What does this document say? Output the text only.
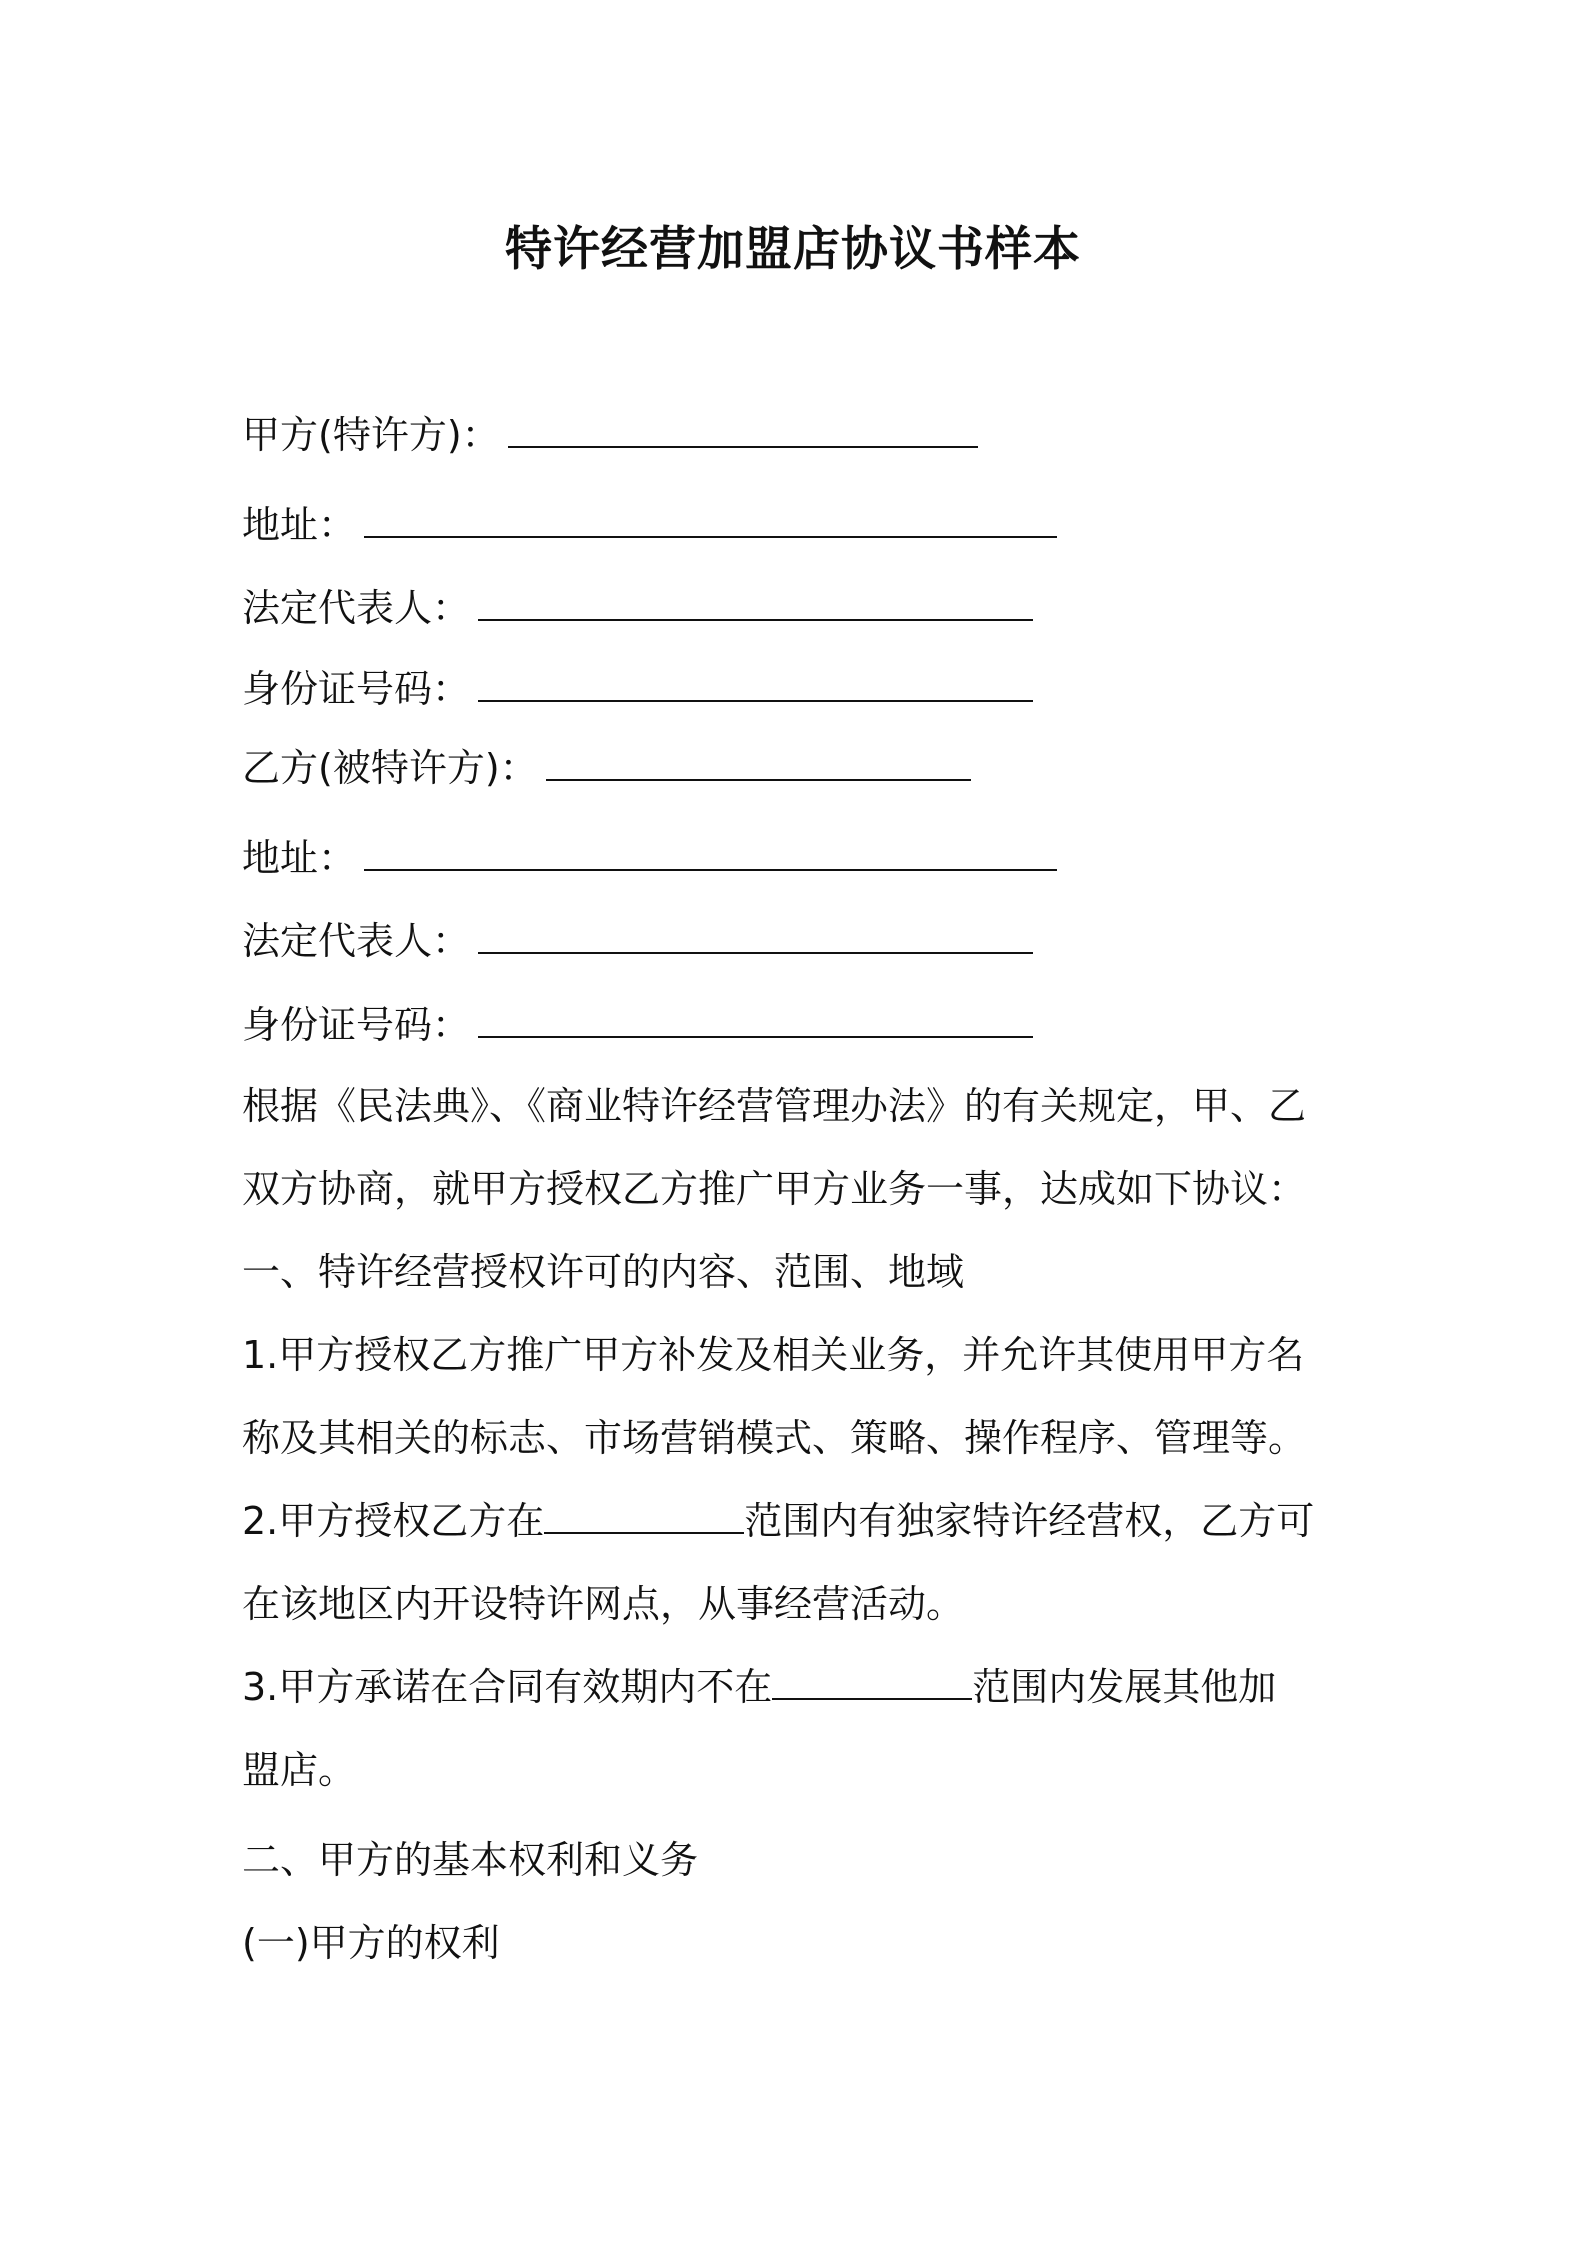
特许经营加盟店协议书样本
甲方(特许方)：
地址：
法定代表人：
身份证号码：
乙方(被特许方)：
地址：
法定代表人：
身份证号码：
根据《民法典》、《商业特许经营管理办法》的有关规定，甲、乙
双方协商，就甲方授权乙方推广甲方业务一事，达成如下协议：
一、特许经营授权许可的内容、范围、地域
1.甲方授权乙方推广甲方补发及相关业务，并允许其使用甲方名
称及其相关的标志、市场营销模式、策略、操作程序、管理等。
2.甲方授权乙方在	范围内有独家特许经营权，乙方可
在该地区内开设特许网点，从事经营活动。
3.甲方承诺在合同有效期内不在	范围内发展其他加
盟店。
二、甲方的基本权利和义务
(一)甲方的权利
